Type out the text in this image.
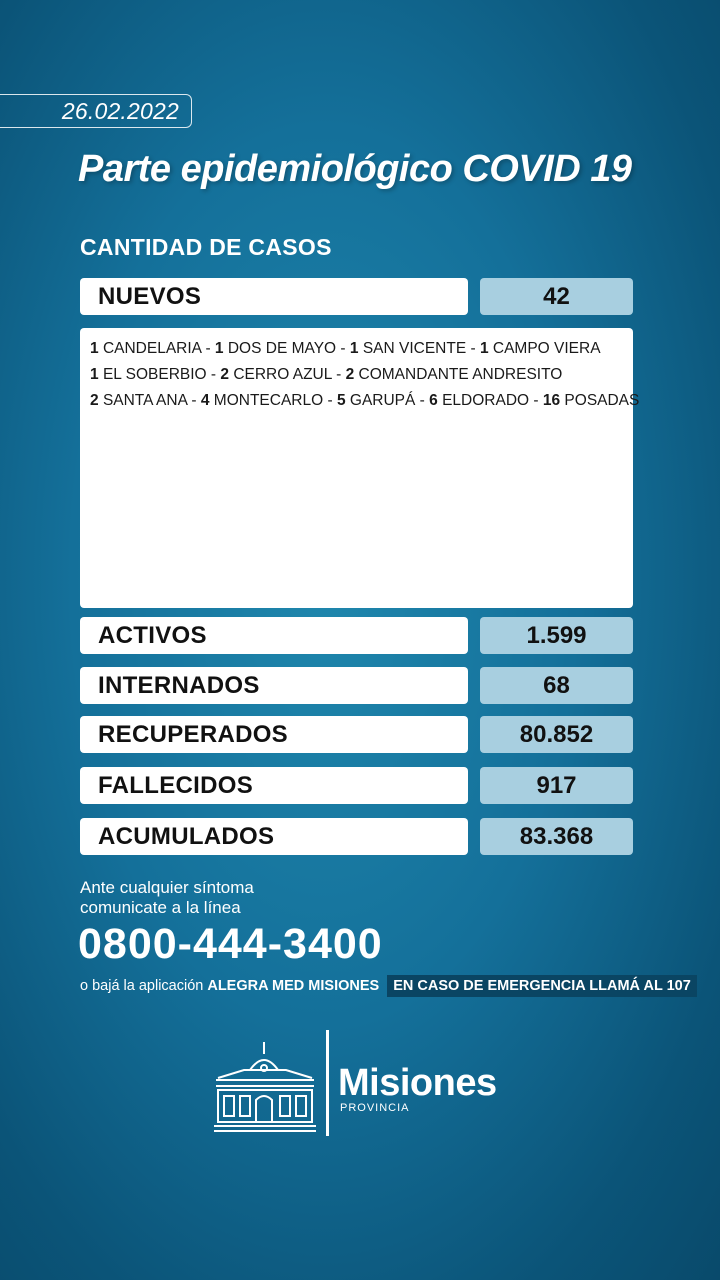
26.02.2022
Parte epidemiológico COVID 19
CANTIDAD DE CASOS
NUEVOS	42
1 CANDELARIA - 1 DOS DE MAYO - 1 SAN VICENTE - 1 CAMPO VIERA
1 EL SOBERBIO - 2 CERRO AZUL - 2 COMANDANTE ANDRESITO
2 SANTA ANA - 4 MONTECARLO - 5 GARUPÁ - 6 ELDORADO - 16 POSADAS
ACTIVOS	1.599
INTERNADOS	68
RECUPERADOS	80.852
FALLECIDOS	917
ACUMULADOS	83.368
Ante cualquier síntoma
comunicate a la línea
0800-444-3400
o bajá la aplicación ALEGRA MED MISIONES EN CASO DE EMERGENCIA LLAMÁ AL 107
Misiones
PROVINCIA
